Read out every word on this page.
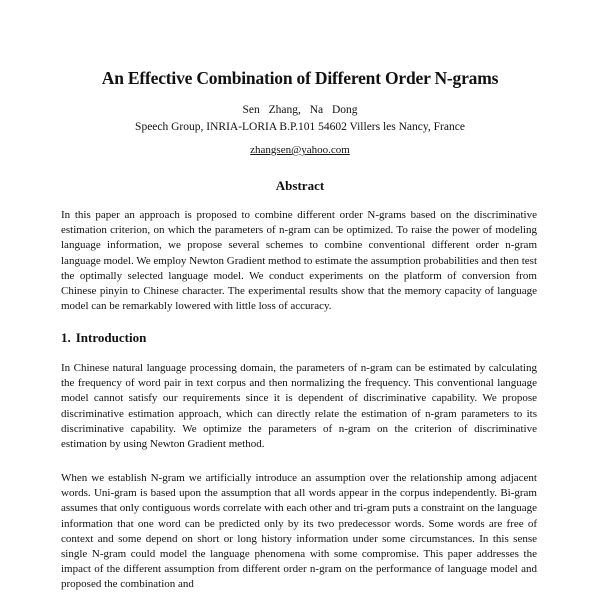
An Effective Combination of Different Order N-grams
Sen Zhang, Na Dong
Speech Group, INRIA-LORIA B.P.101 54602 Villers les Nancy, France
zhangsen@yahoo.com
Abstract

In this paper an approach is proposed to combine different order N-grams based on the discriminative estimation criterion, on which the parameters of n-gram can be optimized. To raise the power of modeling language information, we propose several schemes to combine conventional different order n-gram language model. We employ Newton Gradient method to estimate the assumption probabilities and then test the optimally selected language model. We conduct experiments on the platform of conversion from Chinese pinyin to Chinese character. The experimental results show that the memory capacity of language model can be remarkably lowered with little loss of accuracy.

1. Introduction

In Chinese natural language processing domain, the parameters of n-gram can be estimated by calculating the frequency of word pair in text corpus and then normalizing the frequency. This conventional language model cannot satisfy our requirements since it is dependent of discriminative capability. We propose discriminative estimation approach, which can directly relate the estimation of n-gram parameters to its discriminative capability. We optimize the parameters of n-gram on the criterion of discriminative estimation by using Newton Gradient method.

When we establish N-gram we artificially introduce an assumption over the relationship among adjacent words. Uni-gram is based upon the assumption that all words appear in the corpus independently. Bi-gram assumes that only contiguous words correlate with each other and tri-gram puts a constraint on the language information that one word can be predicted only by its two predecessor words. Some words are free of context and some depend on short or long history information under some circumstances. In this sense single N-gram could model the language phenomena with some compromise. This paper addresses the impact of the different assumption from different order n-gram on the performance of language model and proposed the combination and
